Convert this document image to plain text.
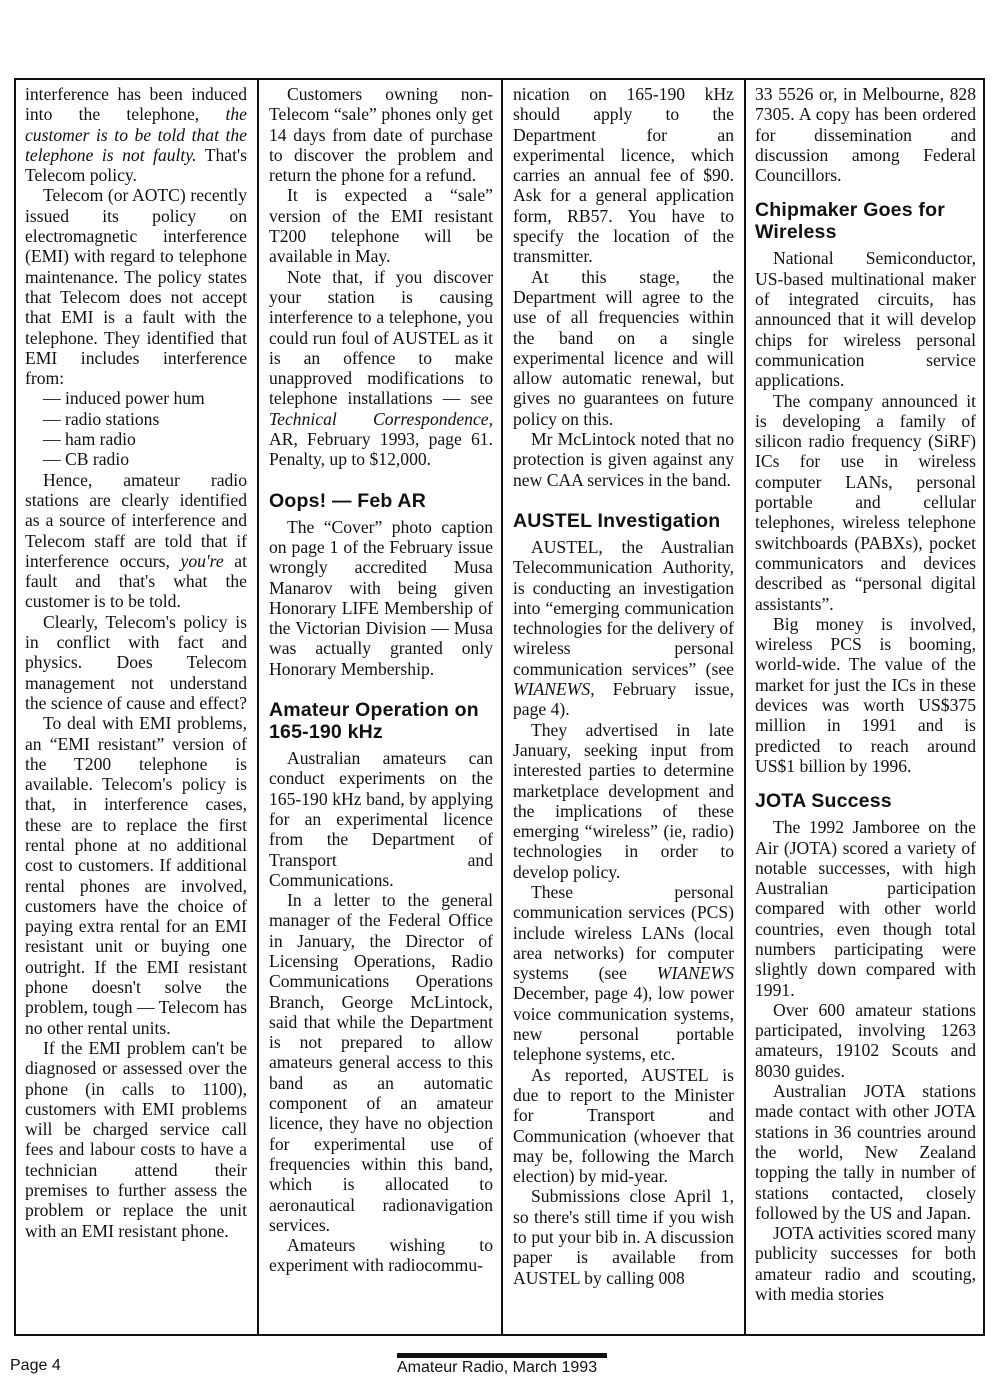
interference has been induced into the telephone, the customer is to be told that the telephone is not faulty. That's Telecom policy.

Telecom (or AOTC) recently issued its policy on electromagnetic interference (EMI) with regard to telephone maintenance. The policy states that Telecom does not accept that EMI is a fault with the telephone. They identified that EMI includes interference from:

— induced power hum

— radio stations

— ham radio

— CB radio

Hence, amateur radio stations are clearly identified as a source of interference and Telecom staff are told that if interference occurs, you're at fault and that's what the customer is to be told.

Clearly, Telecom's policy is in conflict with fact and physics. Does Telecom management not understand the science of cause and effect?

To deal with EMI problems, an “EMI resistant” version of the T200 telephone is available. Telecom's policy is that, in interference cases, these are to replace the first rental phone at no additional cost to customers. If additional rental phones are involved, customers have the choice of paying extra rental for an EMI resistant unit or buying one outright. If the EMI resistant phone doesn't solve the problem, tough — Telecom has no other rental units.

If the EMI problem can't be diagnosed or assessed over the phone (in calls to 1100), customers with EMI problems will be charged service call fees and labour costs to have a technician attend their premises to further assess the problem or replace the unit with an EMI resistant phone.

Customers owning non-Telecom “sale” phones only get 14 days from date of purchase to discover the problem and return the phone for a refund.

It is expected a “sale” version of the EMI resistant T200 telephone will be available in May.

Note that, if you discover your station is causing interference to a telephone, you could run foul of AUSTEL as it is an offence to make unapproved modifications to telephone installations — see Technical Correspondence, AR, February 1993, page 61. Penalty, up to $12,000.

Oops! — Feb AR

The “Cover” photo caption on page 1 of the February issue wrongly accredited Musa Manarov with being given Honorary LIFE Membership of the Victorian Division — Musa was actually granted only Honorary Membership.

Amateur Operation on 165-190 kHz

Australian amateurs can conduct experiments on the 165-190 kHz band, by applying for an experimental licence from the Department of Transport and Communications.

In a letter to the general manager of the Federal Office in January, the Director of Licensing Operations, Radio Communications Operations Branch, George McLintock, said that while the Department is not prepared to allow amateurs general access to this band as an automatic component of an amateur licence, they have no objection for experimental use of frequencies within this band, which is allocated to aeronautical radionavigation services.

Amateurs wishing to experiment with radiocommu-

nication on 165-190 kHz should apply to the Department for an experimental licence, which carries an annual fee of $90. Ask for a general application form, RB57. You have to specify the location of the transmitter.

At this stage, the Department will agree to the use of all frequencies within the band on a single experimental licence and will allow automatic renewal, but gives no guarantees on future policy on this.

Mr McLintock noted that no protection is given against any new CAA services in the band.

AUSTEL Investigation

AUSTEL, the Australian Telecommunication Authority, is conducting an investigation into “emerging communication technologies for the delivery of wireless personal communication services” (see WIANEWS, February issue, page 4).

They advertised in late January, seeking input from interested parties to determine marketplace development and the implications of these emerging “wireless” (ie, radio) technologies in order to develop policy.

These personal communication services (PCS) include wireless LANs (local area networks) for computer systems (see WIANEWS December, page 4), low power voice communication systems, new personal portable telephone systems, etc.

As reported, AUSTEL is due to report to the Minister for Transport and Communication (whoever that may be, following the March election) by mid-year.

Submissions close April 1, so there's still time if you wish to put your bib in. A discussion paper is available from AUSTEL by calling 008

33 5526 or, in Melbourne, 828 7305. A copy has been ordered for dissemination and discussion among Federal Councillors.

Chipmaker Goes for Wireless

National Semiconductor, US-based multinational maker of integrated circuits, has announced that it will develop chips for wireless personal communication service applications.

The company announced it is developing a family of silicon radio frequency (SiRF) ICs for use in wireless computer LANs, personal portable and cellular telephones, wireless telephone switchboards (PABXs), pocket communicators and devices described as “personal digital assistants”.

Big money is involved, wireless PCS is booming, world-wide. The value of the market for just the ICs in these devices was worth US$375 million in 1991 and is predicted to reach around US$1 billion by 1996.

JOTA Success

The 1992 Jamboree on the Air (JOTA) scored a variety of notable successes, with high Australian participation compared with other world countries, even though total numbers participating were slightly down compared with 1991.

Over 600 amateur stations participated, involving 1263 amateurs, 19102 Scouts and 8030 guides.

Australian JOTA stations made contact with other JOTA stations in 36 countries around the world, New Zealand topping the tally in number of stations contacted, closely followed by the US and Japan.

JOTA activities scored many publicity successes for both amateur radio and scouting, with media stories

Page 4	Amateur Radio, March 1993
